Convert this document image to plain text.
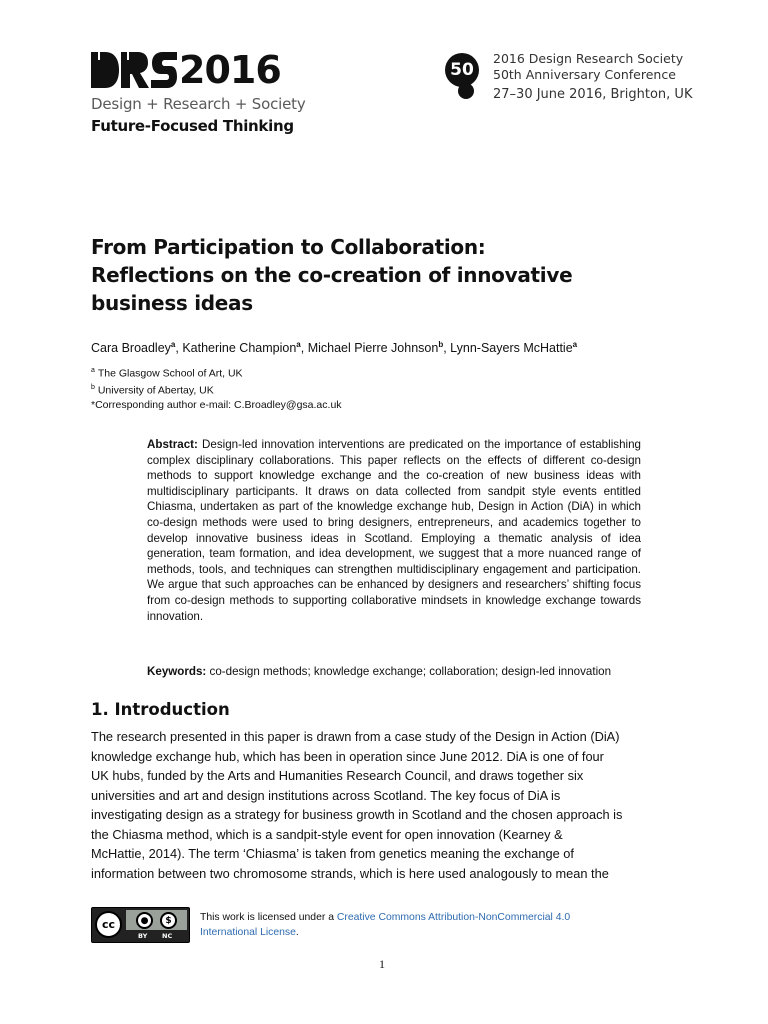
2016
Design + Research + Society
Future-Focused Thinking
50
2016 Design Research Society
50th Anniversary Conference
27–30 June 2016, Brighton, UK
From Participation to Collaboration:
Reflections on the co-creation of innovative
business ideas
Cara Broadley$^a$, Katherine Champion$^a$, Michael Pierre Johnson$^b$, Lynn-Sayers McHattie$^a$
$^a$ The Glasgow School of Art, UK
$^b$ University of Abertay, UK
*Corresponding author e-mail: C.Broadley@gsa.ac.uk
Abstract: Design-led innovation interventions are predicated on the importance of establishing complex disciplinary collaborations. This paper reflects on the effects of different co-design methods to support knowledge exchange and the co-creation of new business ideas with multidisciplinary participants. It draws on data collected from sandpit style events entitled Chiasma, undertaken as part of the knowledge exchange hub, Design in Action (DiA) in which co-design methods were used to bring designers, entrepreneurs, and academics together to develop innovative business ideas in Scotland. Employing a thematic analysis of idea generation, team formation, and idea development, we suggest that a more nuanced range of methods, tools, and techniques can strengthen multidisciplinary engagement and participation. We argue that such approaches can be enhanced by designers and researchers’ shifting focus from co-design methods to supporting collaborative mindsets in knowledge exchange towards innovation.
Keywords: co-design methods; knowledge exchange; collaboration; design-led innovation
1. Introduction
The research presented in this paper is drawn from a case study of the Design in Action (DiA)
knowledge exchange hub, which has been in operation since June 2012. DiA is one of four
UK hubs, funded by the Arts and Humanities Research Council, and draws together six
universities and art and design institutions across Scotland. The key focus of DiA is
investigating design as a strategy for business growth in Scotland and the chosen approach is
the Chiasma method, which is a sandpit-style event for open innovation (Kearney &
McHattie, 2014). The term ‘Chiasma’ is taken from genetics meaning the exchange of
information between two chromosome strands, which is here used analogously to mean the
cc	●	$
BY NC
This work is licensed under a Creative Commons Attribution-NonCommercial 4.0
International License.
1
